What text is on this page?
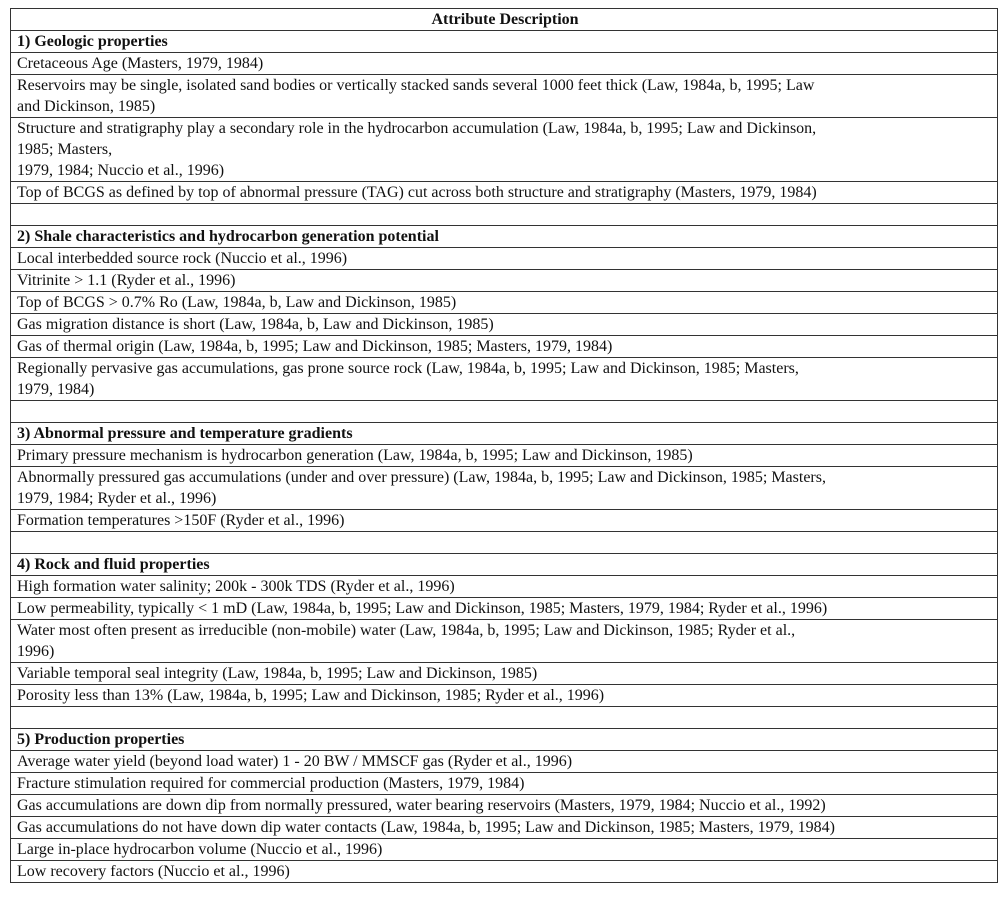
Attribute Description
1) Geologic properties

Cretaceous Age (Masters, 1979, 1984)

Reservoirs may be single, isolated sand bodies or vertically stacked sands several 1000 feet thick (Law, 1984a, b, 1995; Law
and Dickinson, 1985)

Structure and stratigraphy play a secondary role in the hydrocarbon accumulation (Law, 1984a, b, 1995; Law and Dickinson,
1985; Masters,
1979, 1984; Nuccio et al., 1996)

Top of BCGS as defined by top of abnormal pressure (TAG) cut across both structure and stratigraphy (Masters, 1979, 1984)

2) Shale characteristics and hydrocarbon generation potential

Local interbedded source rock (Nuccio et al., 1996)

Vitrinite > 1.1 (Ryder et al., 1996)

Top of BCGS > 0.7% Ro (Law, 1984a, b, Law and Dickinson, 1985)

Gas migration distance is short (Law, 1984a, b, Law and Dickinson, 1985)

Gas of thermal origin (Law, 1984a, b, 1995; Law and Dickinson, 1985; Masters, 1979, 1984)

Regionally pervasive gas accumulations, gas prone source rock (Law, 1984a, b, 1995; Law and Dickinson, 1985; Masters,
1979, 1984)

3) Abnormal pressure and temperature gradients

Primary pressure mechanism is hydrocarbon generation (Law, 1984a, b, 1995; Law and Dickinson, 1985)

Abnormally pressured gas accumulations (under and over pressure) (Law, 1984a, b, 1995; Law and Dickinson, 1985; Masters,
1979, 1984; Ryder et al., 1996)

Formation temperatures >150F (Ryder et al., 1996)

4) Rock and fluid properties

High formation water salinity; 200k - 300k TDS (Ryder et al., 1996)

Low permeability, typically < 1 mD (Law, 1984a, b, 1995; Law and Dickinson, 1985; Masters, 1979, 1984; Ryder et al., 1996)

Water most often present as irreducible (non-mobile) water (Law, 1984a, b, 1995; Law and Dickinson, 1985; Ryder et al.,
1996)

Variable temporal seal integrity (Law, 1984a, b, 1995; Law and Dickinson, 1985)

Porosity less than 13% (Law, 1984a, b, 1995; Law and Dickinson, 1985; Ryder et al., 1996)

5) Production properties

Average water yield (beyond load water) 1 - 20 BW / MMSCF gas (Ryder et al., 1996)

Fracture stimulation required for commercial production (Masters, 1979, 1984)

Gas accumulations are down dip from normally pressured, water bearing reservoirs (Masters, 1979, 1984; Nuccio et al., 1992)

Gas accumulations do not have down dip water contacts (Law, 1984a, b, 1995; Law and Dickinson, 1985; Masters, 1979, 1984)

Large in-place hydrocarbon volume (Nuccio et al., 1996)

Low recovery factors (Nuccio et al., 1996)
